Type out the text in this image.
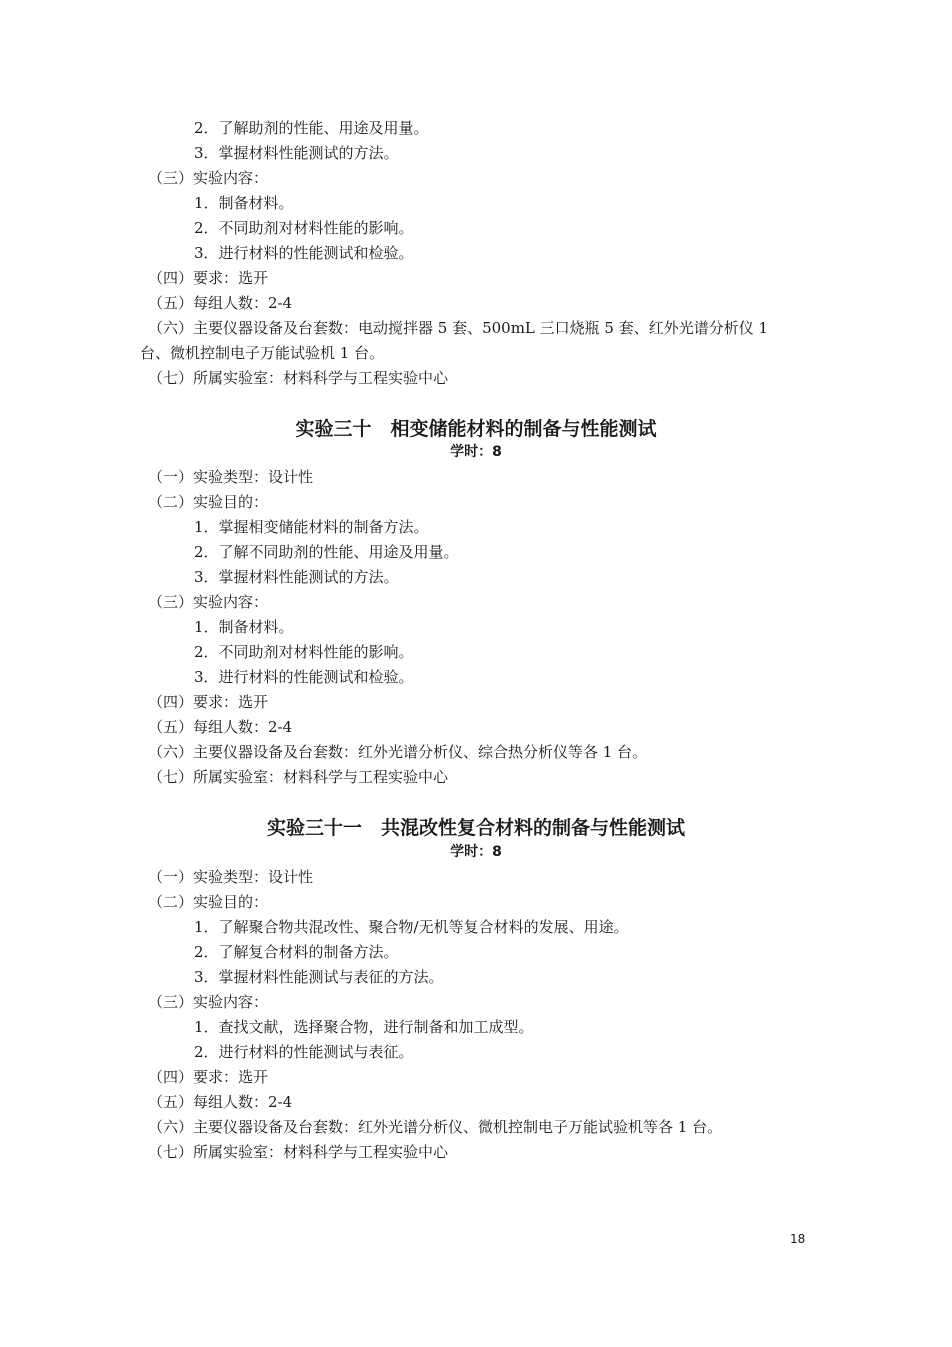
2．了解助剂的性能、用途及用量。
3．掌握材料性能测试的方法。
（三）实验内容：
1．制备材料。
2．不同助剂对材料性能的影响。
3．进行材料的性能测试和检验。
（四）要求：选开
（五）每组人数：2-4
（六）主要仪器设备及台套数：电动搅拌器 5 套、500mL 三口烧瓶 5 套、红外光谱分析仪 1
台、微机控制电子万能试验机 1 台。
（七）所属实验室：材料科学与工程实验中心
实验三十　相变储能材料的制备与性能测试
学时：8
（一）实验类型：设计性
（二）实验目的：
1．掌握相变储能材料的制备方法。
2．了解不同助剂的性能、用途及用量。
3．掌握材料性能测试的方法。
（三）实验内容：
1．制备材料。
2．不同助剂对材料性能的影响。
3．进行材料的性能测试和检验。
（四）要求：选开
（五）每组人数：2-4
（六）主要仪器设备及台套数：红外光谱分析仪、综合热分析仪等各 1 台。
（七）所属实验室：材料科学与工程实验中心
实验三十一　共混改性复合材料的制备与性能测试
学时：8
（一）实验类型：设计性
（二）实验目的：
1．了解聚合物共混改性、聚合物/无机等复合材料的发展、用途。
2．了解复合材料的制备方法。
3．掌握材料性能测试与表征的方法。
（三）实验内容：
1．查找文献，选择聚合物，进行制备和加工成型。
2．进行材料的性能测试与表征。
（四）要求：选开
（五）每组人数：2-4
（六）主要仪器设备及台套数：红外光谱分析仪、微机控制电子万能试验机等各 1 台。
（七）所属实验室：材料科学与工程实验中心
18
